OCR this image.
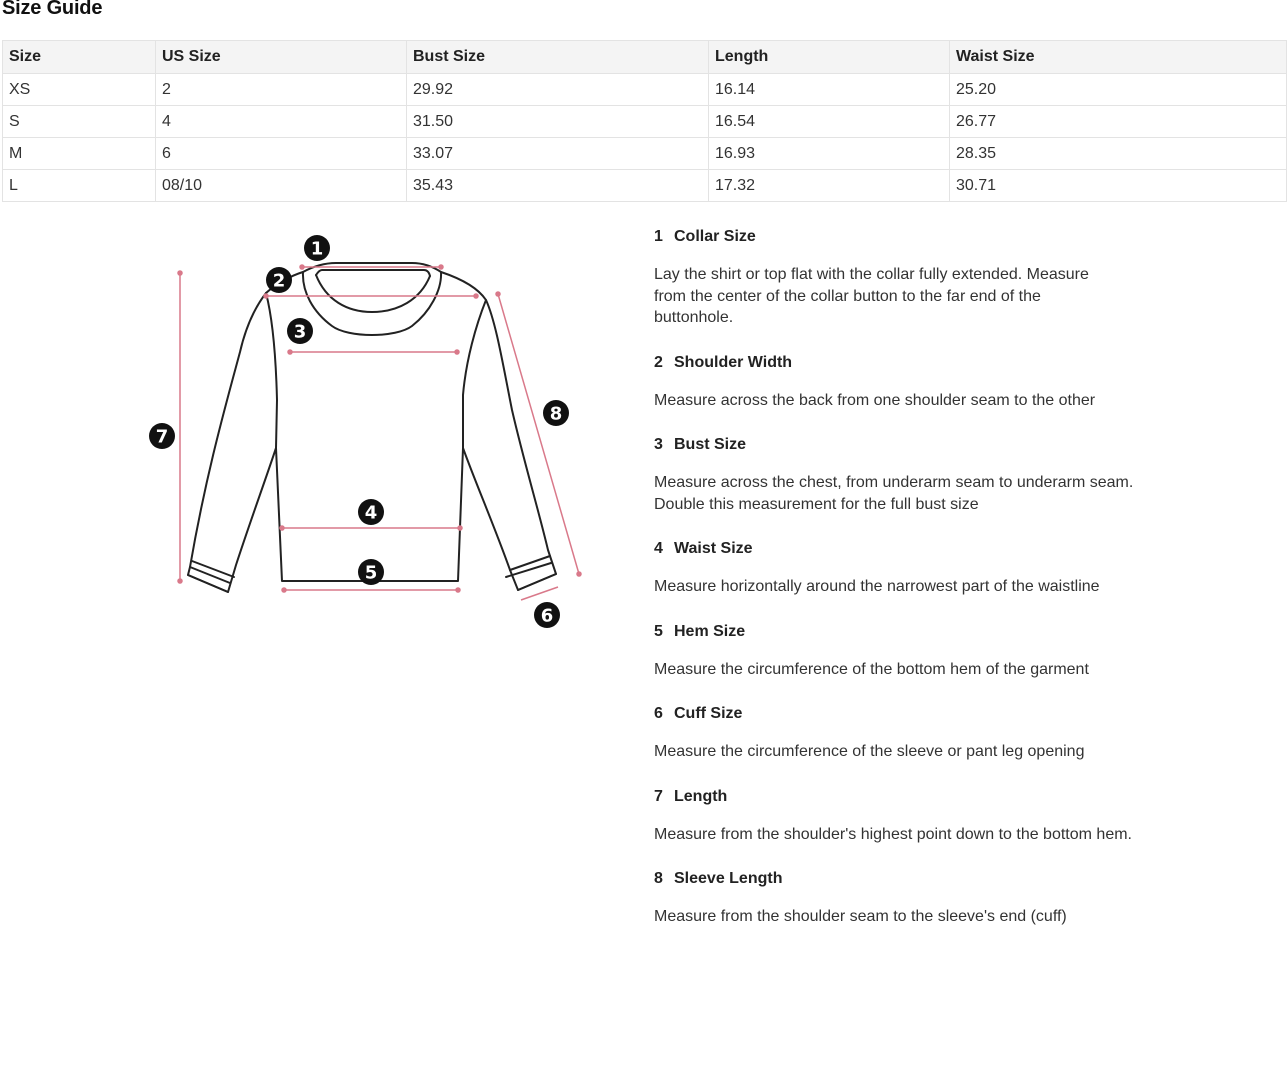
Size Guide
Size	US Size	Bust Size	Length	Waist Size
XS	2	29.92	16.14	25.20
S	4	31.50	16.54	26.77
M	6	33.07	16.93	28.35
L	08/10	35.43	17.32	30.71
1
2
3
4
5
6
7
8
1 Collar Size
Lay the shirt or top flat with the collar fully extended. Measure from the center of the collar button to the far end of the buttonhole.
2 Shoulder Width
Measure across the back from one shoulder seam to the other
3 Bust Size
Measure across the chest, from underarm seam to underarm seam. Double this measurement for the full bust size
4 Waist Size
Measure horizontally around the narrowest part of the waistline
5 Hem Size
Measure the circumference of the bottom hem of the garment
6 Cuff Size
Measure the circumference of the sleeve or pant leg opening
7 Length
Measure from the shoulder's highest point down to the bottom hem.
8 Sleeve Length
Measure from the shoulder seam to the sleeve's end (cuff)
